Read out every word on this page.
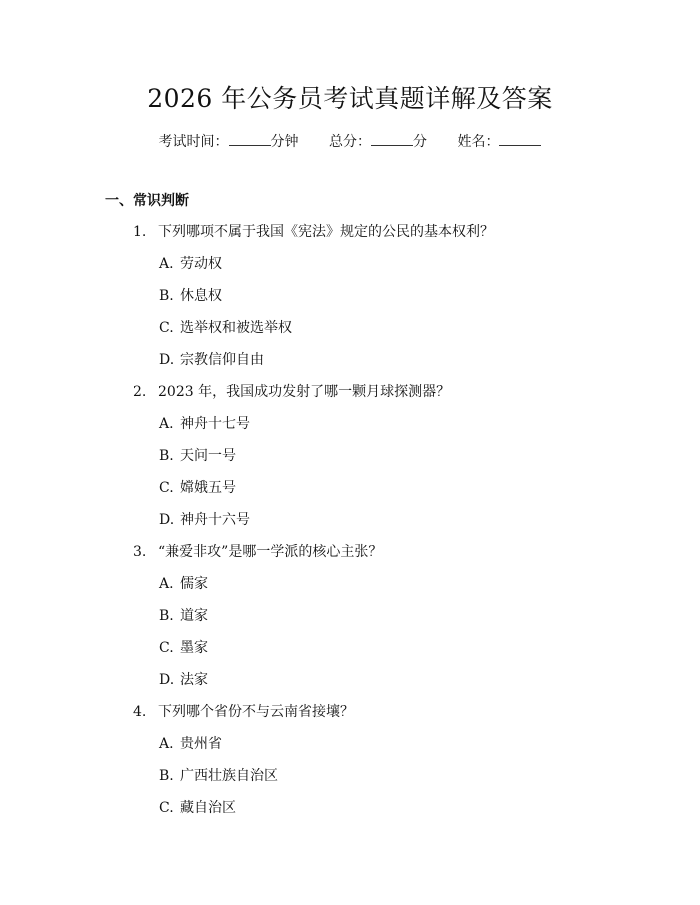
2026 年公务员考试真题详解及答案
考试时间：	分钟 总分：	分 姓名：
一、常识判断
1. 下列哪项不属于我国《宪法》规定的公民的基本权利？
A. 劳动权
B. 休息权
C. 选举权和被选举权
D. 宗教信仰自由
2. 2023 年，我国成功发射了哪一颗月球探测器？
A. 神舟十七号
B. 天问一号
C. 嫦娥五号
D. 神舟十六号
3. “兼爱非攻”是哪一学派的核心主张？
A. 儒家
B. 道家
C. 墨家
D. 法家
4. 下列哪个省份不与云南省接壤？
A. 贵州省
B. 广西壮族自治区
C. 藏自治区
